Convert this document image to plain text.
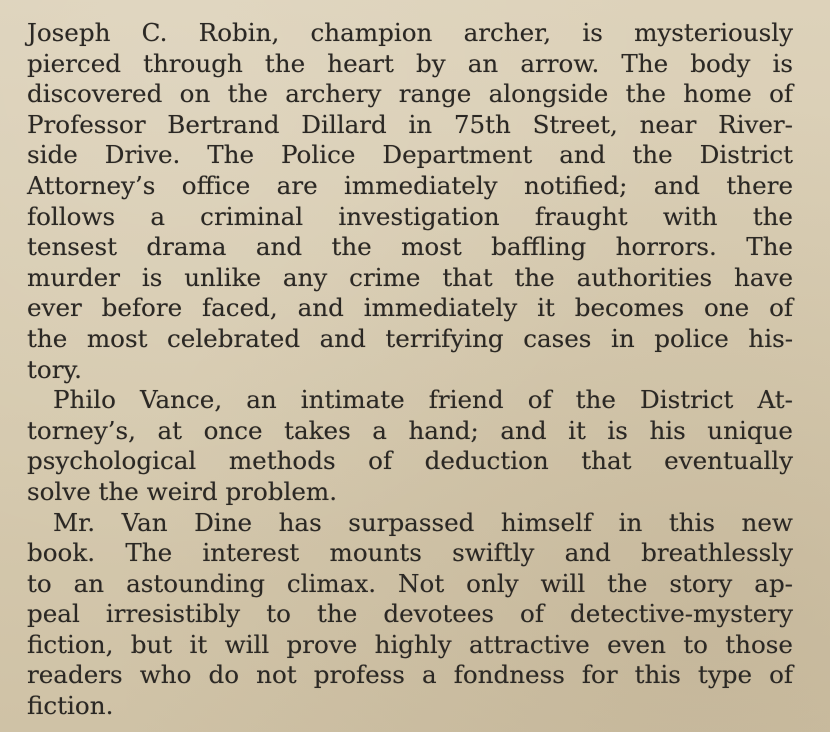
Joseph C. Robin, champion archer, is mysteriously
pierced through the heart by an arrow. The body is
discovered on the archery range alongside the home of
Professor Bertrand Dillard in 75th Street, near River-
side Drive. The Police Department and the District
Attorney’s office are immediately notified; and there
follows a criminal investigation fraught with the
tensest drama and the most baffling horrors. The
murder is unlike any crime that the authorities have
ever before faced, and immediately it becomes one of
the most celebrated and terrifying cases in police his-
tory.

Philo Vance, an intimate friend of the District At-
torney’s, at once takes a hand; and it is his unique
psychological methods of deduction that eventually
solve the weird problem.

Mr. Van Dine has surpassed himself in this new
book. The interest mounts swiftly and breathlessly
to an astounding climax. Not only will the story ap-
peal irresistibly to the devotees of detective-mystery
fiction, but it will prove highly attractive even to those
readers who do not profess a fondness for this type of
fiction.
